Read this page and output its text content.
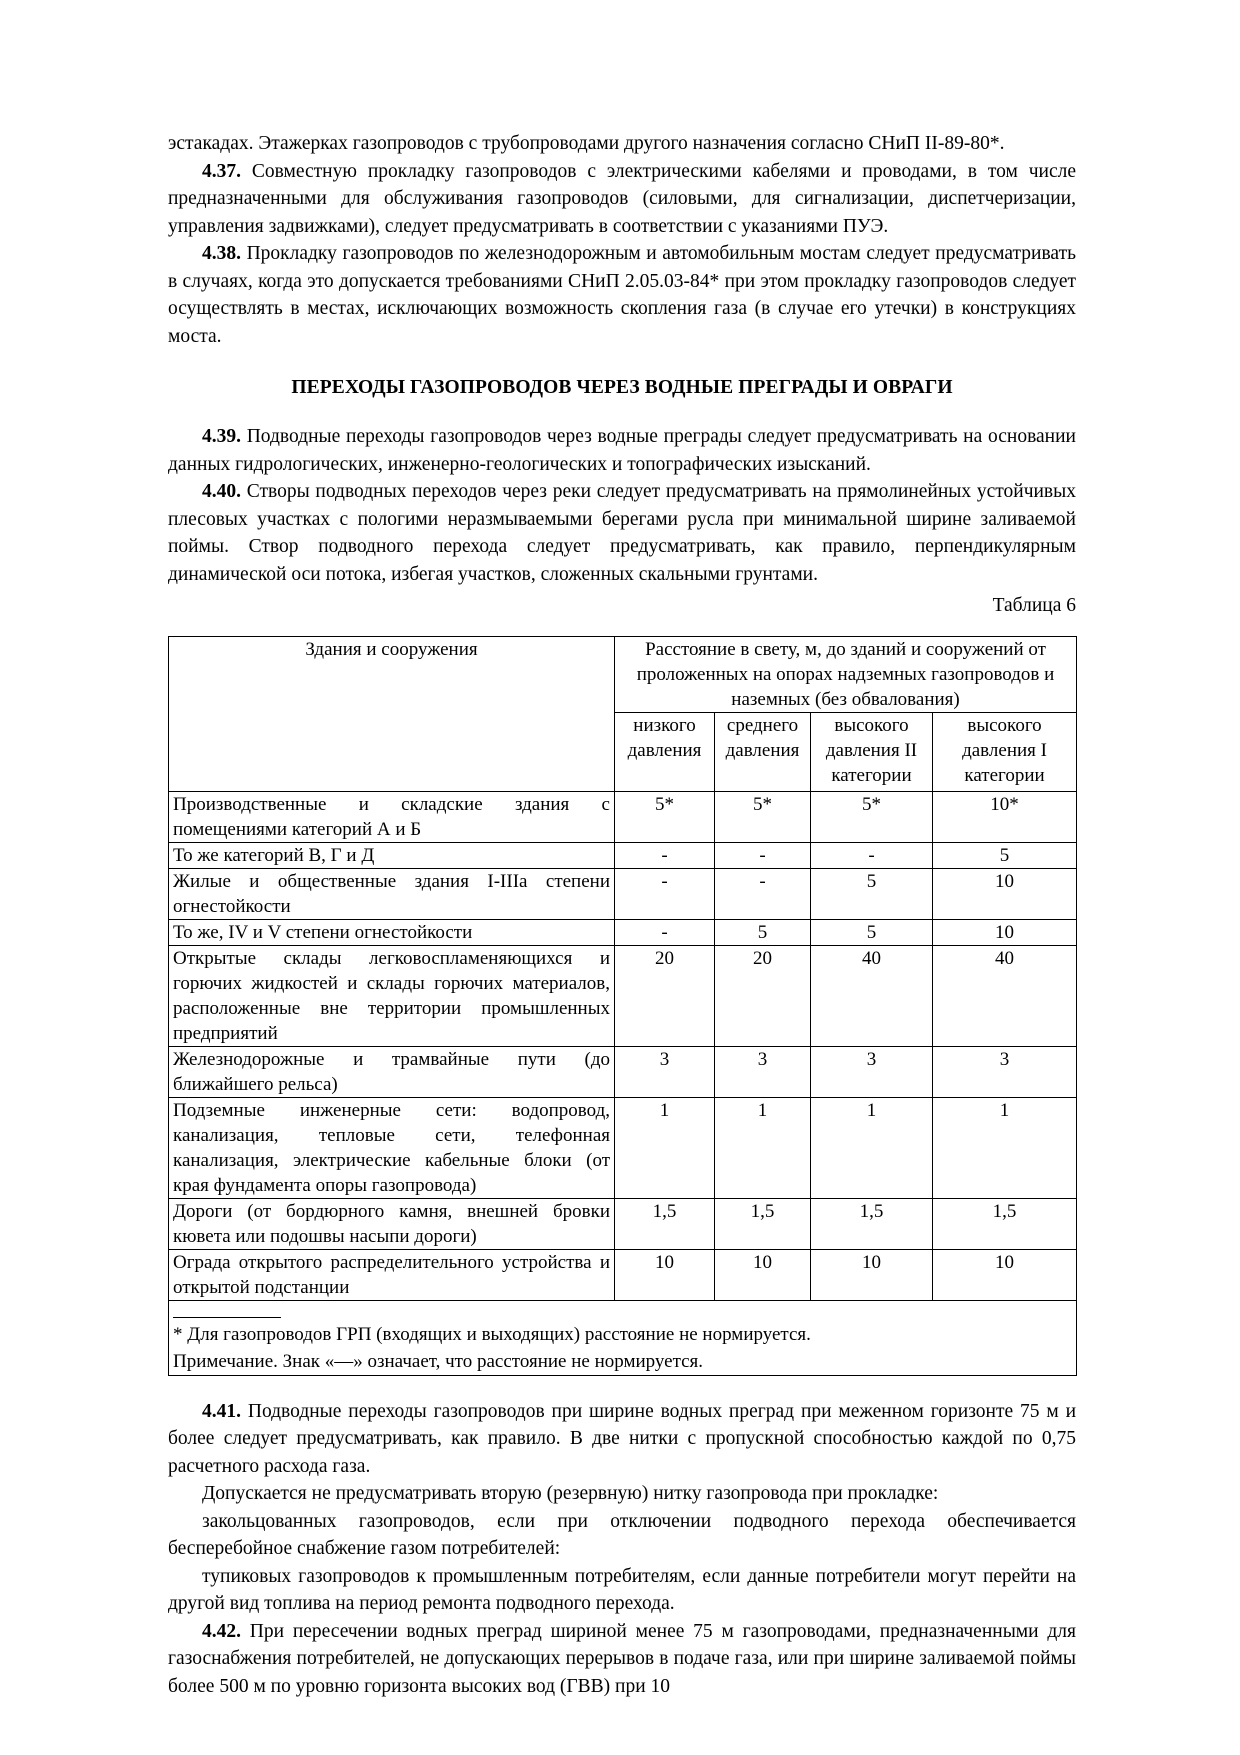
эстакадах. Этажерках газопроводов с трубопроводами другого назначения согласно СНиП II-89-80*.

4.37. Совместную прокладку газопроводов с электрическими кабелями и проводами, в том числе предназначенными для обслуживания газопроводов (силовыми, для сигнализации, диспетчеризации, управления задвижками), следует предусматривать в соответствии с указаниями ПУЭ.

4.38. Прокладку газопроводов по железнодорожным и автомобильным мостам следует предусматривать в случаях, когда это допускается требованиями СНиП 2.05.03-84* при этом прокладку газопроводов следует осуществлять в местах, исключающих возможность скопления газа (в случае его утечки) в конструкциях моста.

ПЕРЕХОДЫ ГАЗОПРОВОДОВ ЧЕРЕЗ ВОДНЫЕ ПРЕГРАДЫ И ОВРАГИ

4.39. Подводные переходы газопроводов через водные преграды следует предусматривать на основании данных гидрологических, инженерно-геологических и топографических изысканий.

4.40. Створы подводных переходов через реки следует предусматривать на прямолинейных устойчивых плесовых участках с пологими неразмываемыми берегами русла при минимальной ширине заливаемой поймы. Створ подводного перехода следует предусматривать, как правило, перпендикулярным динамической оси потока, избегая участков, сложенных скальными грунтами.

Таблица 6

Здания и сооружения	Расстояние в свету, м, до зданий и сооружений от проложенных на опорах надземных газопроводов и наземных (без обвалования)			
	низкого давления	среднего давления	высокого давления II категории	высокого давления I категории
Производственные и складские здания с помещениями категорий А и Б	5*	5*	5*	10*
То же категорий В, Г и Д	-	-	-	5
Жилые и общественные здания I-IIIа степени огнестойкости	-	-	5	10
То же, IV и V степени огнестойкости	-	5	5	10
Открытые склады легковоспламеняющихся и горючих жидкостей и склады горючих материалов, расположенные вне территории промышленных предприятий	20	20	40	40
Железнодорожные и трамвайные пути (до ближайшего рельса)	3	3	3	3
Подземные инженерные сети: водопровод, канализация, тепловые сети, телефонная канализация, электрические кабельные блоки (от края фундамента опоры газопровода)	1	1	1	1
Дороги (от бордюрного камня, внешней бровки кювета или подошвы насыпи дороги)	1,5	1,5	1,5	1,5
Ограда открытого распределительного устройства и открытой подстанции	10	10	10	10

* Для газопроводов ГРП (входящих и выходящих) расстояние не нормируется.
Примечание. Знак «—» означает, что расстояние не нормируется.				

4.41. Подводные переходы газопроводов при ширине водных преград при меженном горизонте 75 м и более следует предусматривать, как правило. В две нитки с пропускной способностью каждой по 0,75 расчетного расхода газа.

Допускается не предусматривать вторую (резервную) нитку газопровода при прокладке:

закольцованных газопроводов, если при отключении подводного перехода обеспечивается бесперебойное снабжение газом потребителей:

тупиковых газопроводов к промышленным потребителям, если данные потребители могут перейти на другой вид топлива на период ремонта подводного перехода.

4.42. При пересечении водных преград шириной менее 75 м газопроводами, предназначенными для газоснабжения потребителей, не допускающих перерывов в подаче газа, или при ширине заливаемой поймы более 500 м по уровню горизонта высоких вод (ГВВ) при 10
